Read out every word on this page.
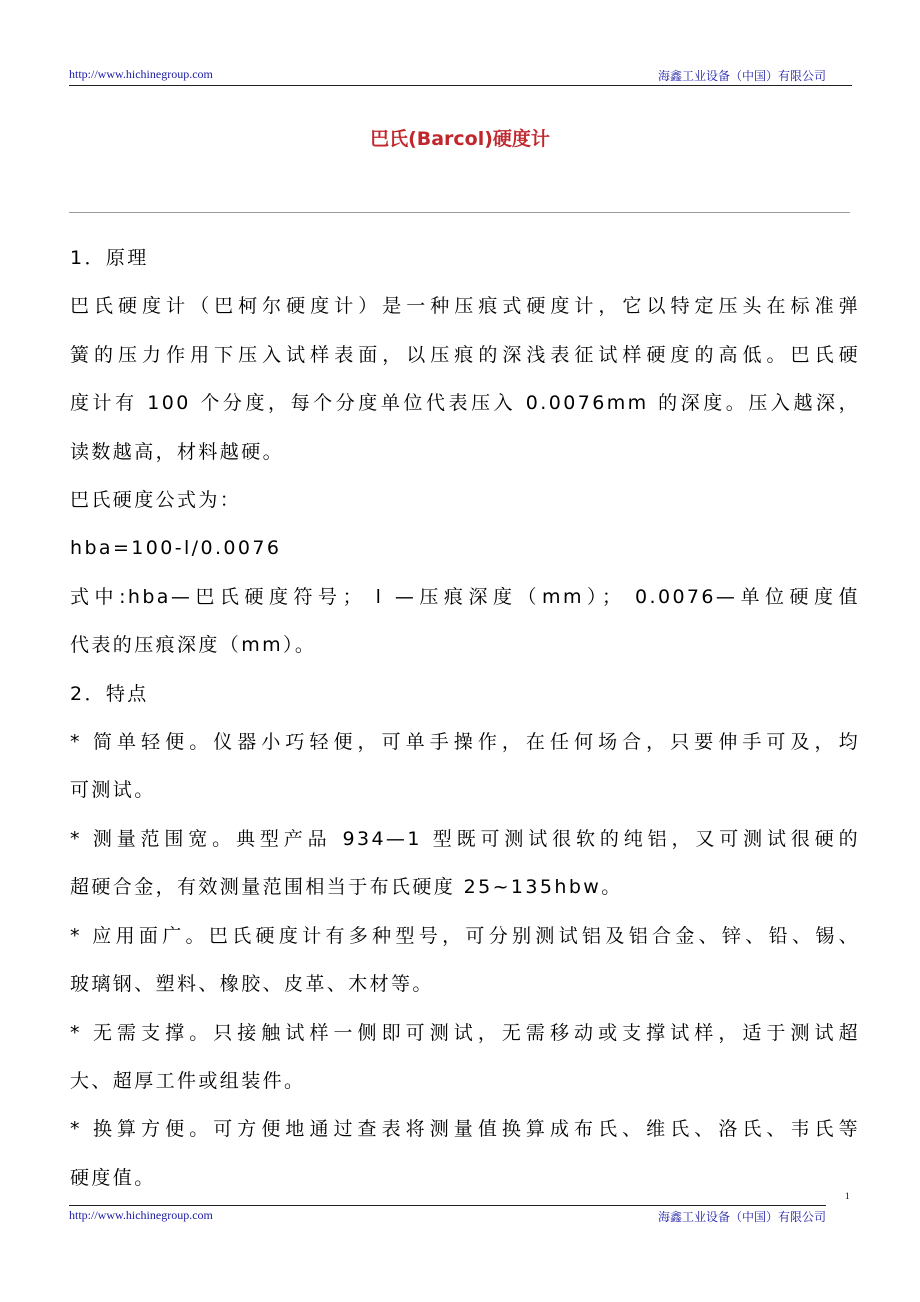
http://www.hichinegroup.com	海鑫工业设备（中国）有限公司
巴氏(Barcol)硬度计

1．原理

巴氏硬度计（巴柯尔硬度计）是一种压痕式硬度计，它以特定压头在标准弹

簧的压力作用下压入试样表面，以压痕的深浅表征试样硬度的高低。巴氏硬

度计有 100 个分度，每个分度单位代表压入 0.0076mm 的深度。压入越深，

读数越高，材料越硬。

巴氏硬度公式为：

hba=100-l/0.0076

式中:hba—巴氏硬度符号； l —压痕深度（mm）； 0.0076—单位硬度值

代表的压痕深度（mm）。

2．特点

* 简单轻便。仪器小巧轻便，可单手操作，在任何场合，只要伸手可及，均

可测试。

* 测量范围宽。典型产品 934—1 型既可测试很软的纯铝，又可测试很硬的

超硬合金，有效测量范围相当于布氏硬度 25~135hbw。

* 应用面广。巴氏硬度计有多种型号，可分别测试铝及铝合金、锌、铅、锡、

玻璃钢、塑料、橡胶、皮革、木材等。

* 无需支撑。只接触试样一侧即可测试，无需移动或支撑试样，适于测试超

大、超厚工件或组装件。

* 换算方便。可方便地通过查表将测量值换算成布氏、维氏、洛氏、韦氏等

硬度值。

1
http://www.hichinegroup.com	海鑫工业设备（中国）有限公司
